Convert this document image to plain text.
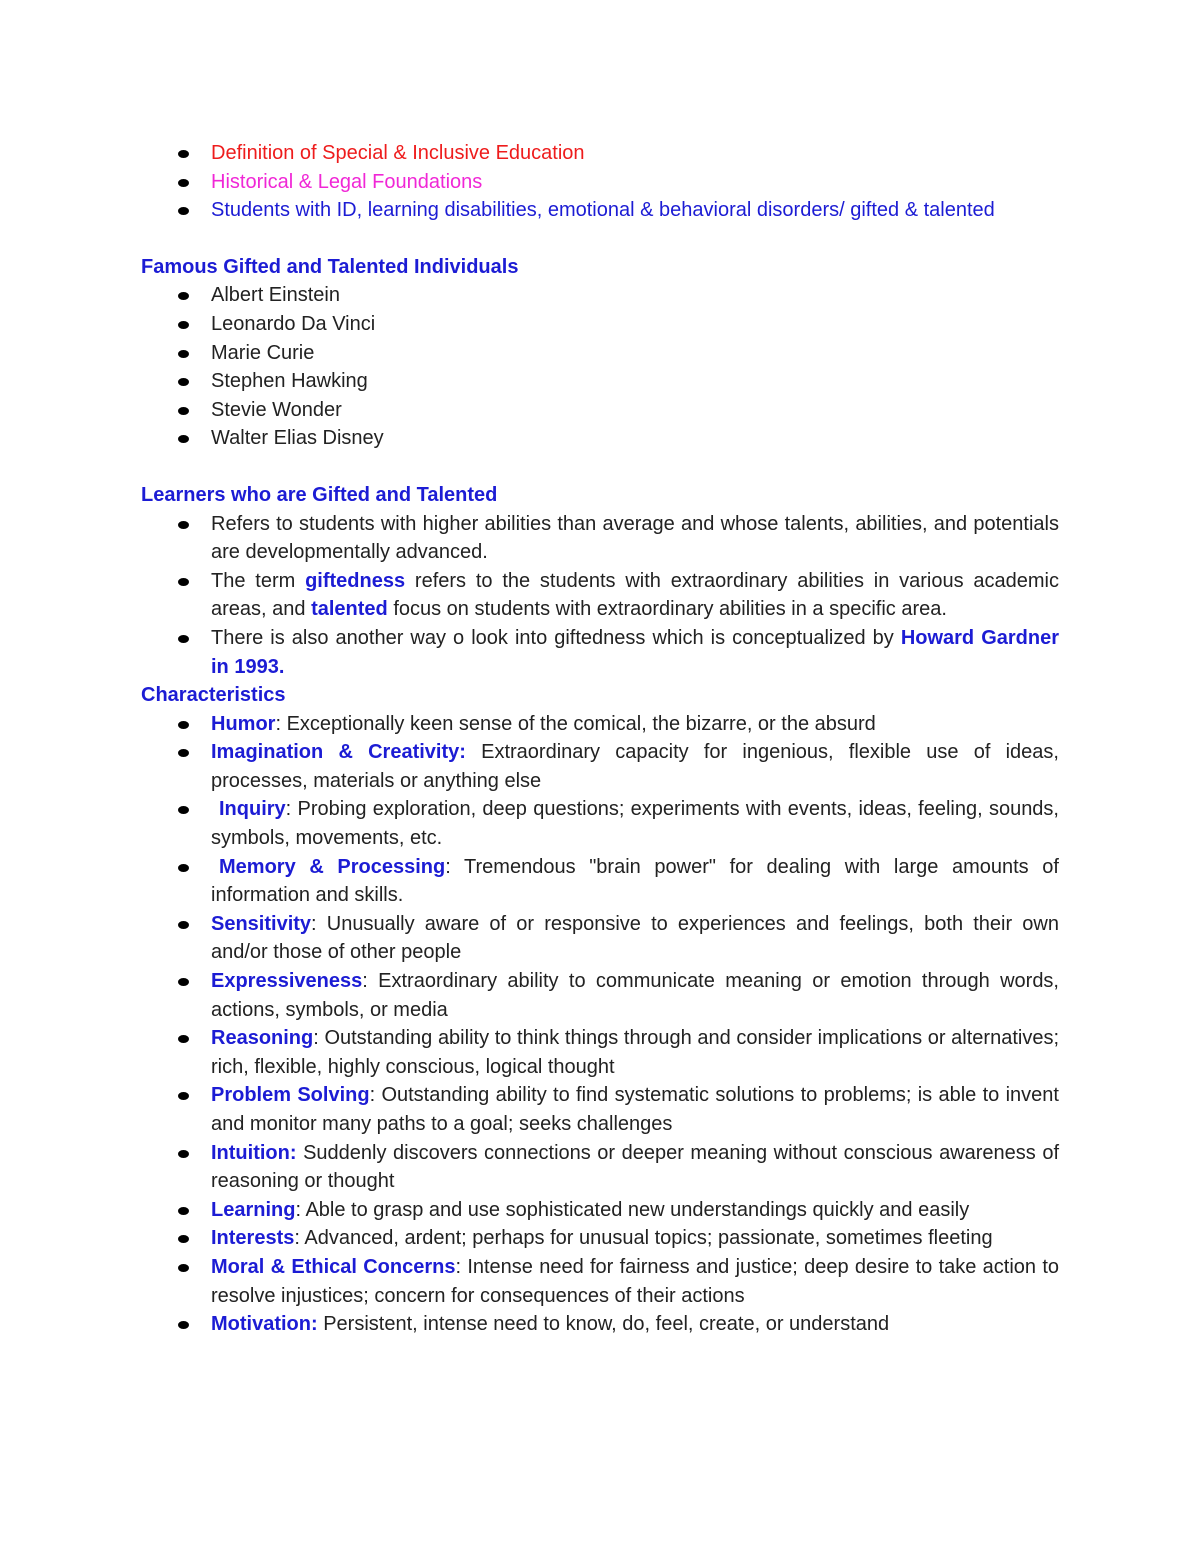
Definition of Special & Inclusive Education
Historical & Legal Foundations
Students with ID, learning disabilities, emotional & behavioral disorders/ gifted & talented
Famous Gifted and Talented Individuals
Albert Einstein
Leonardo Da Vinci
Marie Curie
Stephen Hawking
Stevie Wonder
Walter Elias Disney
Learners who are Gifted and Talented
Refers to students with higher abilities than average and whose talents, abilities, and potentials are developmentally advanced.
The term giftedness refers to the students with extraordinary abilities in various academic areas, and talented focus on students with extraordinary abilities in a specific area.
There is also another way o look into giftedness which is conceptualized by Howard Gardner in 1993.
Characteristics
Humor: Exceptionally keen sense of the comical, the bizarre, or the absurd
Imagination & Creativity: Extraordinary capacity for ingenious, flexible use of ideas, processes, materials or anything else
Inquiry: Probing exploration, deep questions; experiments with events, ideas, feeling, sounds, symbols, movements, etc.
Memory & Processing: Tremendous "brain power" for dealing with large amounts of information and skills.
Sensitivity: Unusually aware of or responsive to experiences and feelings, both their own and/or those of other people
Expressiveness: Extraordinary ability to communicate meaning or emotion through words, actions, symbols, or media
Reasoning: Outstanding ability to think things through and consider implications or alternatives; rich, flexible, highly conscious, logical thought
Problem Solving: Outstanding ability to find systematic solutions to problems; is able to invent and monitor many paths to a goal; seeks challenges
Intuition: Suddenly discovers connections or deeper meaning without conscious awareness of reasoning or thought
Learning: Able to grasp and use sophisticated new understandings quickly and easily
Interests: Advanced, ardent; perhaps for unusual topics; passionate, sometimes fleeting
Moral & Ethical Concerns: Intense need for fairness and justice; deep desire to take action to resolve injustices; concern for consequences of their actions
Motivation: Persistent, intense need to know, do, feel, create, or understand
